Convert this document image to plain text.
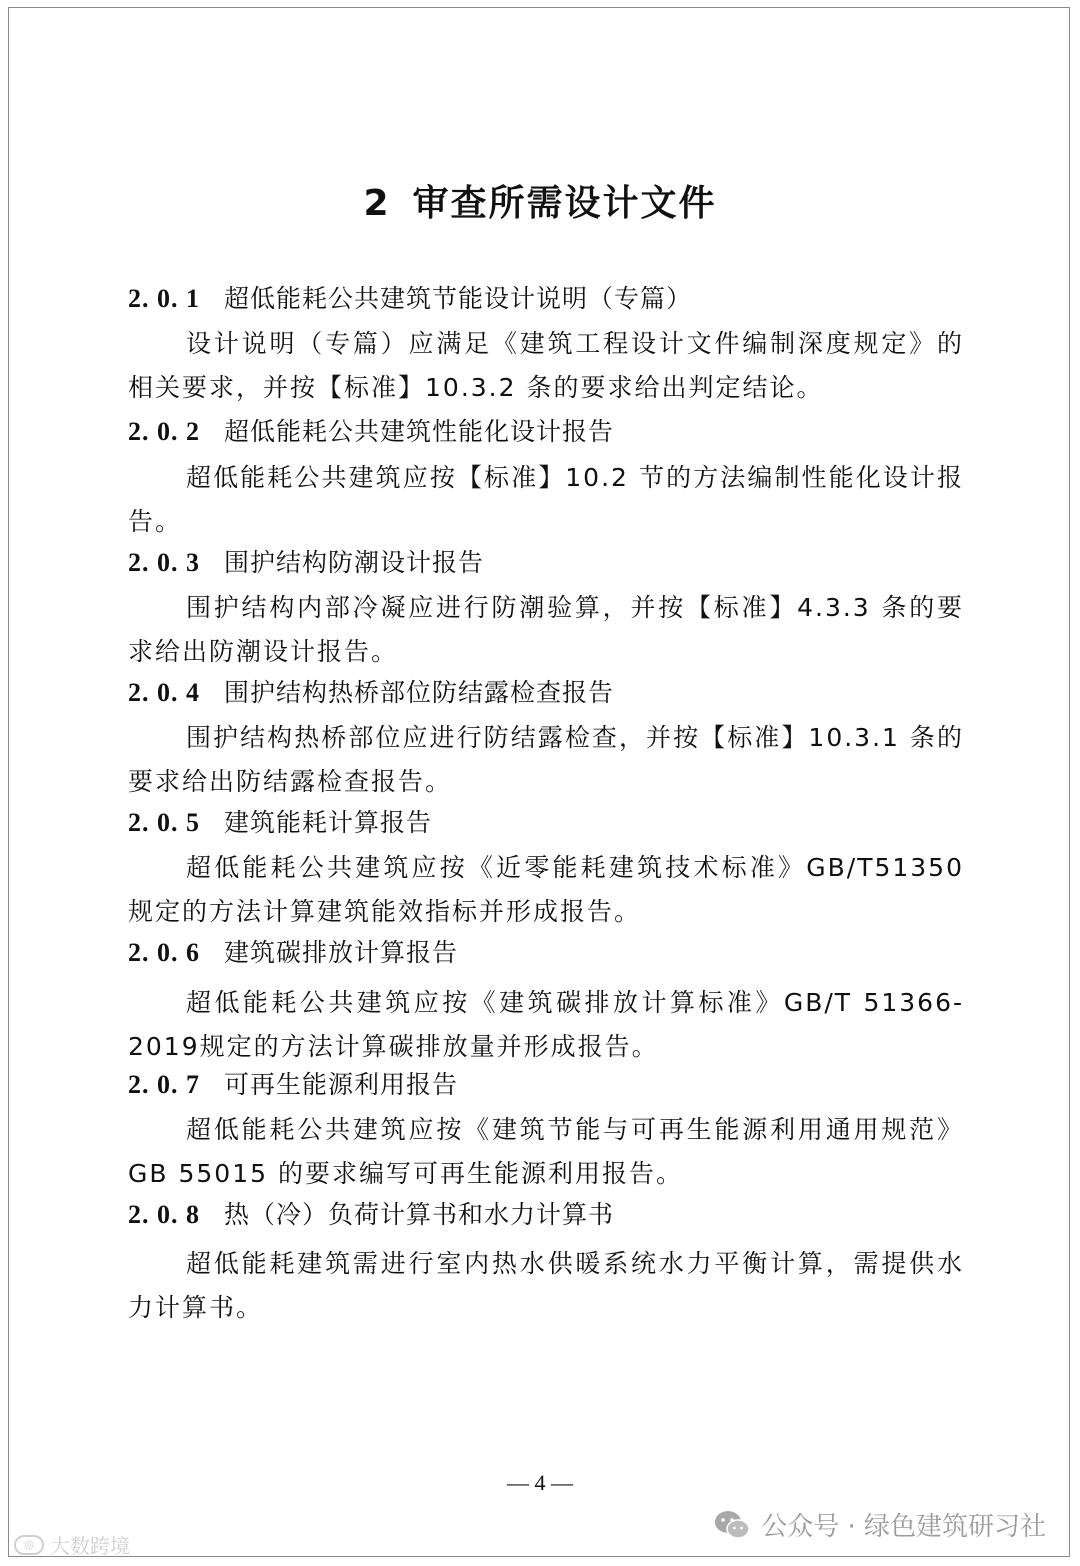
2 审查所需设计文件
2. 0. 1 超低能耗公共建筑节能设计说明（专篇）

设计说明（专篇）应满足《建筑工程设计文件编制深度规定》的相关要求，并按【标准】10.3.2 条的要求给出判定结论。

2. 0. 2 超低能耗公共建筑性能化设计报告

超低能耗公共建筑应按【标准】10.2 节的方法编制性能化设计报告。

2. 0. 3 围护结构防潮设计报告

围护结构内部冷凝应进行防潮验算，并按【标准】4.3.3 条的要求给出防潮设计报告。

2. 0. 4 围护结构热桥部位防结露检查报告

围护结构热桥部位应进行防结露检查，并按【标准】10.3.1 条的要求给出防结露检查报告。

2. 0. 5 建筑能耗计算报告

超低能耗公共建筑应按《近零能耗建筑技术标准》GB/T51350 规定的方法计算建筑能效指标并形成报告。

2. 0. 6 建筑碳排放计算报告

超低能耗公共建筑应按《建筑碳排放计算标准》GB/T 51366-2019规定的方法计算碳排放量并形成报告。

2. 0. 7 可再生能源利用报告

超低能耗公共建筑应按《建筑节能与可再生能源利用通用规范》GB 55015 的要求编写可再生能源利用报告。

2. 0. 8 热（冷）负荷计算书和水力计算书

超低能耗建筑需进行室内热水供暖系统水力平衡计算，需提供水力计算书。

— 4 —
◎ 大数跨境
公众号 · 绿色建筑研习社
